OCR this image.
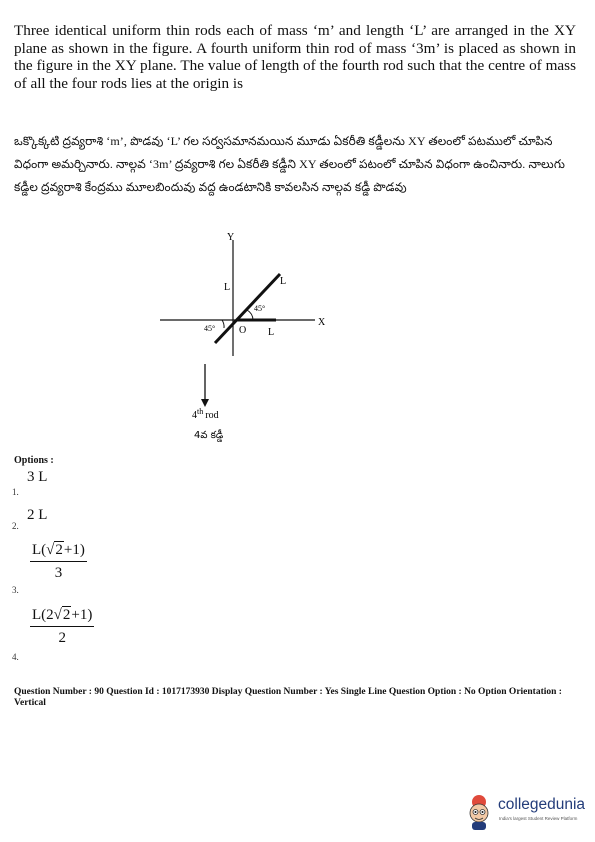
Three identical uniform thin rods each of mass ‘m’ and length ‘L’ are arranged in the XY plane as shown in the figure. A fourth uniform thin rod of mass ‘3m’ is placed as shown in the figure in the XY plane. The value of length of the fourth rod such that the centre of mass of all the four rods lies at the origin is

ఒక్కొక్కటి ద్రవ్యరాశి ‘m’, పొడవు ‘L’ గల సర్వసమానమయిన మూడు ఏకరీతి కడ్డీలను XY తలంలో పటములో చూపిన విధంగా అమర్చినారు. నాల్గవ ‘3m’ ద్రవ్యరాశి గల ఏకరీతి కడ్డీని XY తలంలో పటంలో చూపిన విధంగా ఉంచినారు. నాలుగు కడ్డీల ద్రవ్యరాశి కేంద్రము మూలబిందువు వద్ద ఉండటానికి కావలసిన నాల్గవ కడ్డీ పొడవు

Y
X
O
L
L
L
45°
45°
4th rod
4వ కడ్డీ
Options :
3 L
1.
2 L
2.
$\frac{L(√2+1)}{3}$
3.
$\frac{L(2√2+1)}{2}$
4.
Question Number : 90 Question Id : 1017173930 Display Question Number : Yes Single Line Question Option : No Option Orientation : Vertical
collegedunia
India's largest Student Review Platform
